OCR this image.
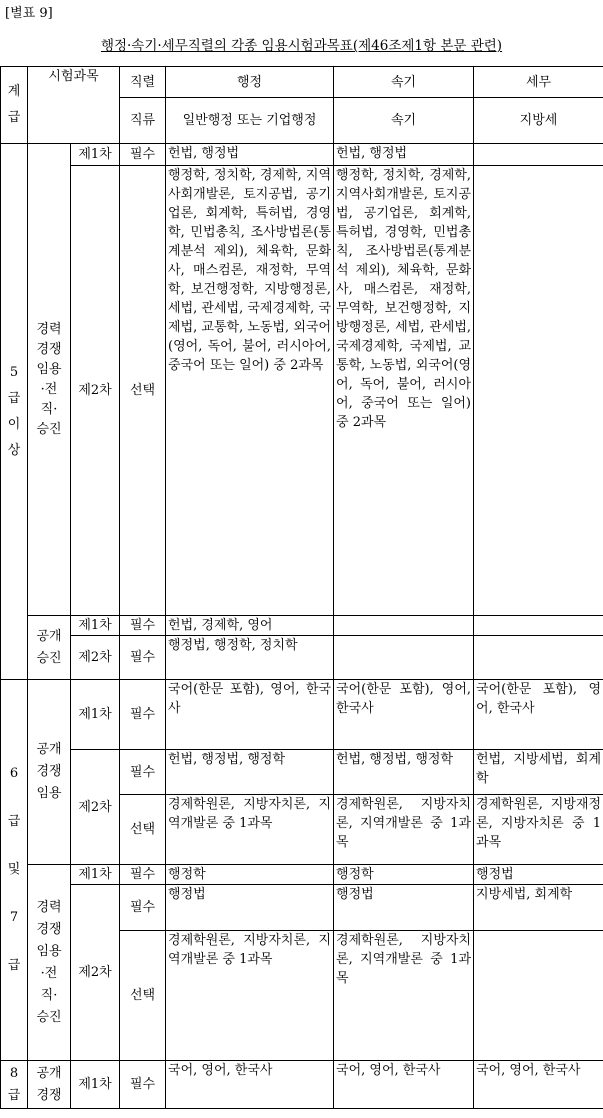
[별표 9]
행정·속기·세무직렬의 각종 임용시험과목표(제46조제1항 본문 관련)
계급	시험과목		직렬	행정	속기	세무
			직류	일반행정 또는 기업행정	속기	지방세
5급이상	경력경쟁임용·전직·승진	제1차	필수	헌법, 행정법	헌법, 행정법	
		제2차	선택	행정학, 정치학, 경제학, 지역사회개발론, 토지공법, 공기업론, 회계학, 특허법, 경영학, 민법총칙, 조사방법론(통계분석 제외), 체육학, 문화사, 매스컴론, 재정학, 무역학, 보건행정학, 지방행정론, 세법, 관세법, 국제경제학, 국제법, 교통학, 노동법, 외국어(영어, 독어, 불어, 러시아어, 중국어 또는 일어) 중 2과목	행정학, 정치학, 경제학, 지역사회개발론, 토지공법, 공기업론, 회계학, 특허법, 경영학, 민법총칙, 조사방법론(통계분석 제외), 체육학, 문화사, 매스컴론, 재정학, 무역학, 보건행정학, 지방행정론, 세법, 관세법, 국제경제학, 국제법, 교통학, 노동법, 외국어(영어, 독어, 불어, 러시아어, 중국어 또는 일어) 중 2과목	
	공개승진	제1차	필수	헌법, 경제학, 영어		
		제2차	필수	행정법, 행정학, 정치학		
6급및7급	공개경쟁임용	제1차	필수	국어(한문 포함), 영어, 한국사	국어(한문 포함), 영어, 한국사	국어(한문 포함), 영어, 한국사
		제2차	필수	헌법, 행정법, 행정학	헌법, 행정법, 행정학	헌법, 지방세법, 회계학
			선택	경제학원론, 지방자치론, 지역개발론 중 1과목	경제학원론, 지방자치론, 지역개발론 중 1과목	경제학원론, 지방재정론, 지방자치론 중 1과목
	경력경쟁임용·전직·승진	제1차	필수	행정학	행정학	행정법
		제2차	필수	행정법	행정법	지방세법, 회계학
			선택	경제학원론, 지방자치론, 지역개발론 중 1과목	경제학원론, 지방자치론, 지역개발론 중 1과목	
8급	공개경쟁	제1차	필수	국어, 영어, 한국사	국어, 영어, 한국사	국어, 영어, 한국사
